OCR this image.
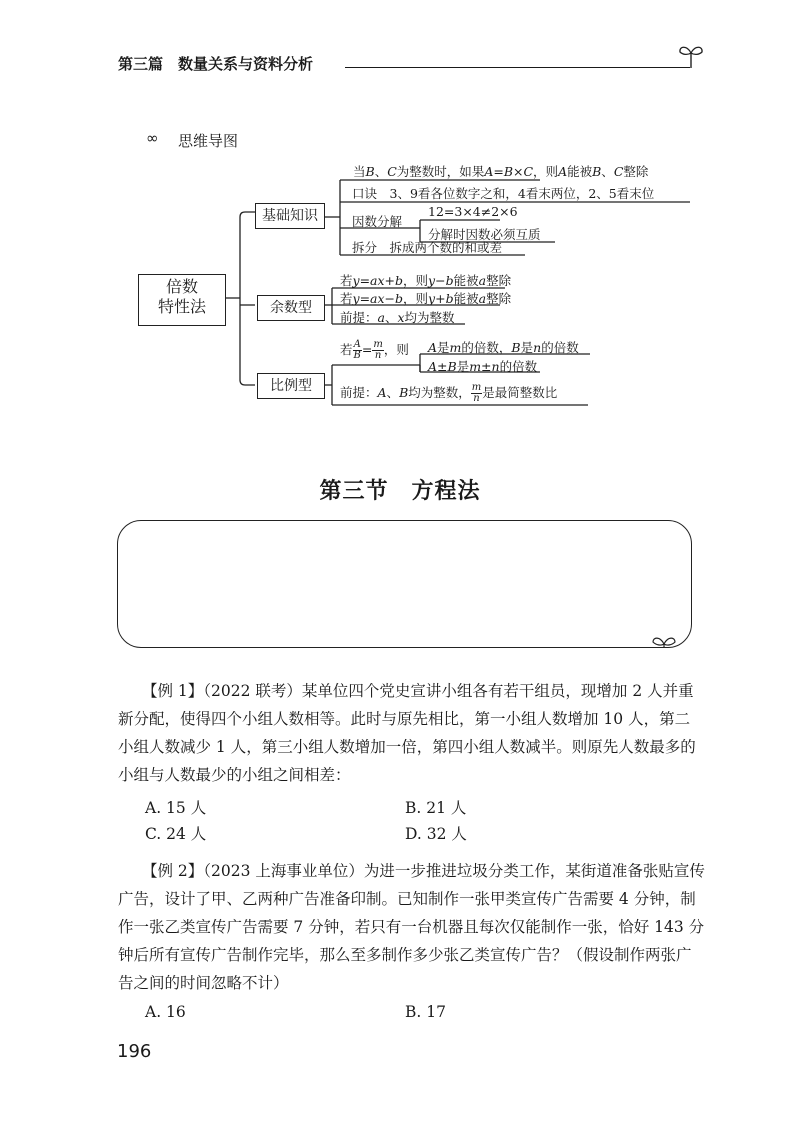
第三篇 数量关系与资料分析
∞ 思维导图
倍数
特性法
基础知识
余数型
比例型
当B、C为整数时，如果A=B×C，则A能被B、C整除
口诀　3、9看各位数字之和，4看末两位，2、5看末位
因数分解
12=3×4≠2×6
分解时因数必须互质
拆分　拆成两个数的和或差
若y=ax+b，则y−b能被a整除
若y=ax−b，则y+b能被a整除
前提：a、x均为整数
若 $\frac{A}{B} = \frac{m}{n}$ ，则 A是m的倍数，B是n的倍数
A±B是m±n的倍数
前提：A、B均为整数， $\frac{m}{n}$ 是最简整数比
第三节　方程法
【例 1】（2022 联考）某单位四个党史宣讲小组各有若干组员，现增加 2 人并重
新分配，使得四个小组人数相等。此时与原先相比，第一小组人数增加 10 人，第二
小组人数减少 1 人，第三小组人数增加一倍，第四小组人数减半。则原先人数最多的
小组与人数最少的小组之间相差：
A. 15 人	B. 21 人
C. 24 人	D. 32 人
【例 2】（2023 上海事业单位）为进一步推进垃圾分类工作，某街道准备张贴宣传
广告，设计了甲、乙两种广告准备印制。已知制作一张甲类宣传广告需要 4 分钟，制
作一张乙类宣传广告需要 7 分钟，若只有一台机器且每次仅能制作一张，恰好 143 分
钟后所有宣传广告制作完毕，那么至多制作多少张乙类宣传广告？（假设制作两张广
告之间的时间忽略不计）
A. 16	B. 17
196
